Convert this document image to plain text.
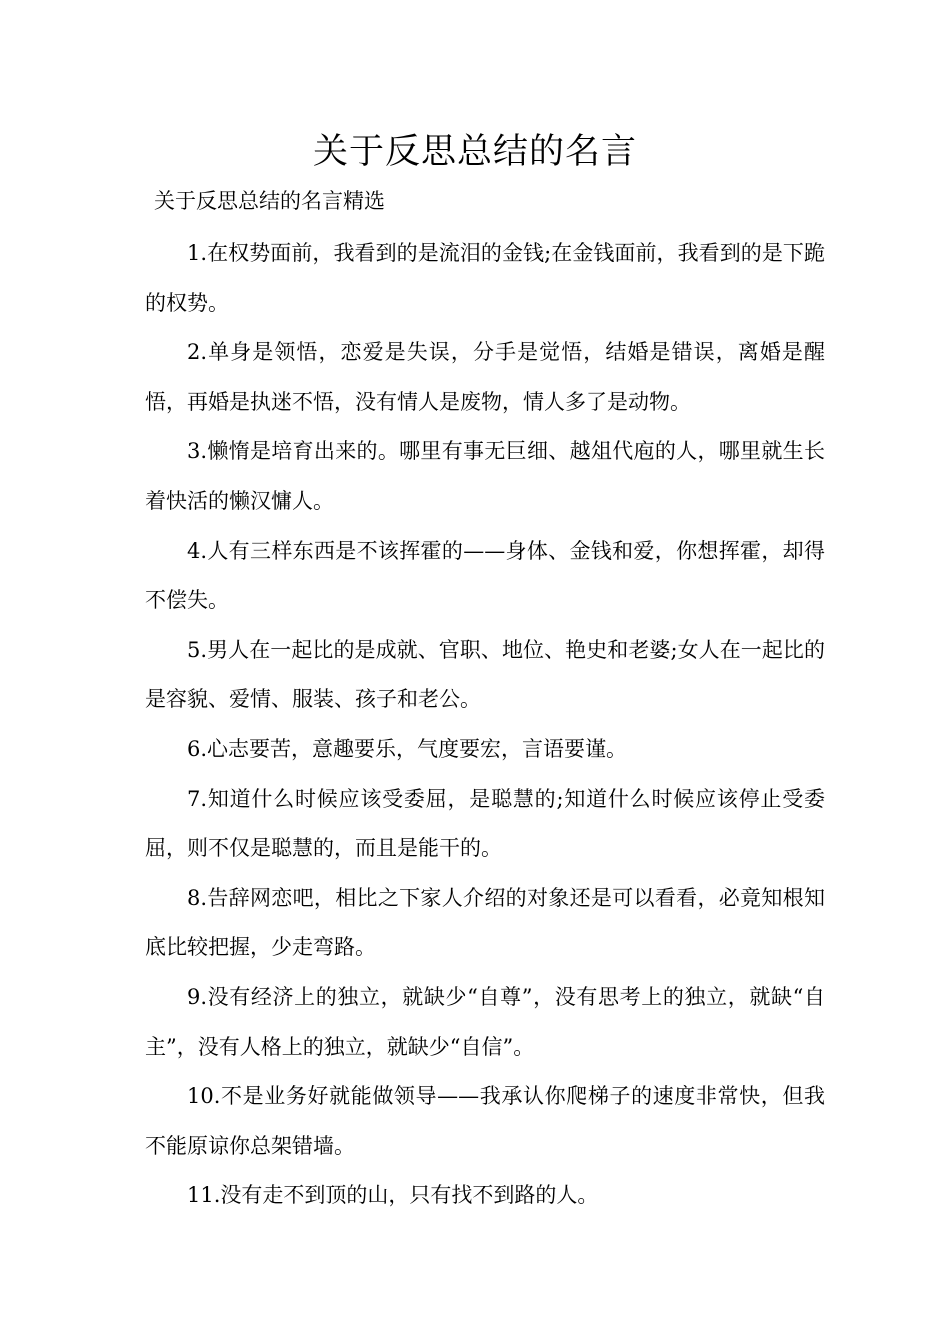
关于反思总结的名言

关于反思总结的名言精选

1.在权势面前，我看到的是流泪的金钱;在金钱面前，我看到的是下跪的权势。
2.单身是领悟，恋爱是失误，分手是觉悟，结婚是错误，离婚是醒悟，再婚是执迷不悟，没有情人是废物，情人多了是动物。
3.懒惰是培育出来的。哪里有事无巨细、越俎代庖的人，哪里就生长着快活的懒汉慵人。
4.人有三样东西是不该挥霍的——身体、金钱和爱，你想挥霍，却得不偿失。
5.男人在一起比的是成就、官职、地位、艳史和老婆;女人在一起比的是容貌、爱情、服装、孩子和老公。
6.心志要苦，意趣要乐，气度要宏，言语要谨。
7.知道什么时候应该受委屈，是聪慧的;知道什么时候应该停止受委屈，则不仅是聪慧的，而且是能干的。
8.告辞网恋吧，相比之下家人介绍的对象还是可以看看，必竟知根知底比较把握，少走弯路。
9.没有经济上的独立，就缺少“自尊”，没有思考上的独立，就缺“自主”，没有人格上的独立，就缺少“自信”。
10.不是业务好就能做领导——我承认你爬梯子的速度非常快，但我不能原谅你总架错墙。
11.没有走不到顶的山，只有找不到路的人。
